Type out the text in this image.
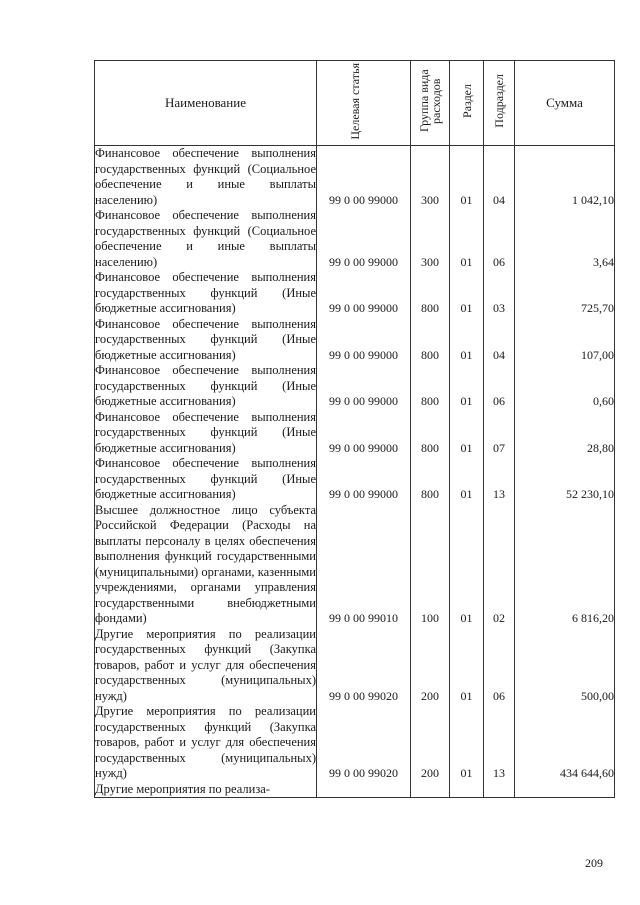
Наименование	Целевая статья	Группа вида расходов	Раздел	Подраздел	Сумма
Финансовое обеспечение выполнения государственных функций (Социальное обеспечение и иные выплаты населению)	99 0 00 99000	300	01	04	1 042,10
Финансовое обеспечение выполнения государственных функций (Социальное обеспечение и иные выплаты населению)	99 0 00 99000	300	01	06	3,64
Финансовое обеспечение выполнения государственных функций (Иные бюджетные ассигнования)	99 0 00 99000	800	01	03	725,70
Финансовое обеспечение выполнения государственных функций (Иные бюджетные ассигнования)	99 0 00 99000	800	01	04	107,00
Финансовое обеспечение выполнения государственных функций (Иные бюджетные ассигнования)	99 0 00 99000	800	01	06	0,60
Финансовое обеспечение выполнения государственных функций (Иные бюджетные ассигнования)	99 0 00 99000	800	01	07	28,80
Финансовое обеспечение выполнения государственных функций (Иные бюджетные ассигнования)	99 0 00 99000	800	01	13	52 230,10
Высшее должностное лицо субъекта Российской Федерации (Расходы на выплаты персоналу в целях обеспечения выполнения функций государственными (муниципальными) органами, казенными учреждениями, органами управления государственными внебюджетными фондами)	99 0 00 99010	100	01	02	6 816,20
Другие мероприятия по реализации государственных функций (Закупка товаров, работ и услуг для обеспечения государственных (муниципальных) нужд)	99 0 00 99020	200	01	06	500,00
Другие мероприятия по реализации государственных функций (Закупка товаров, работ и услуг для обеспечения государственных (муниципальных) нужд)	99 0 00 99020	200	01	13	434 644,60
Другие мероприятия по реализа-					
209
